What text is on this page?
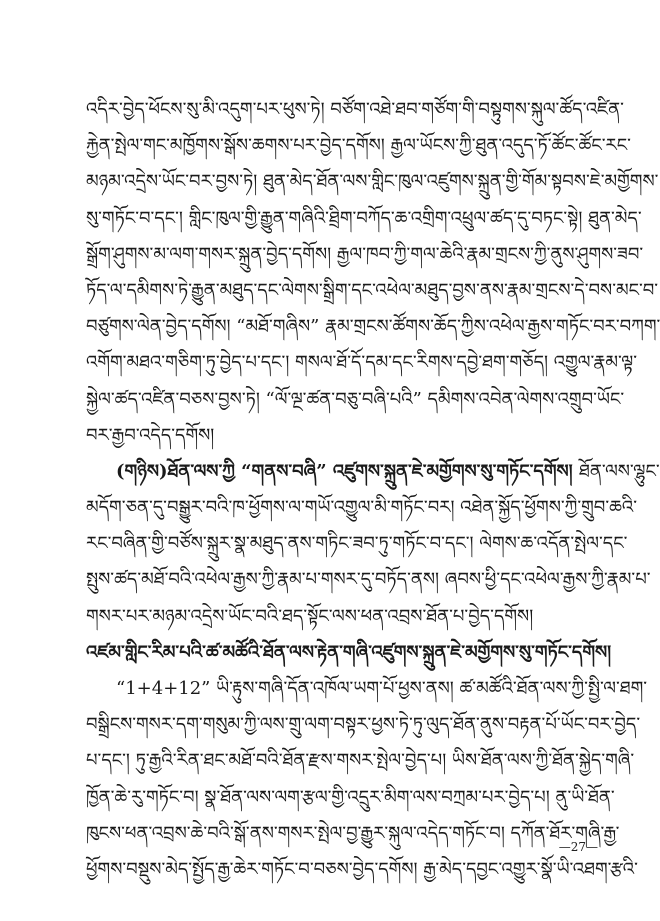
འདིར་བྱེད་ཕོངས་སུ་མི་འདུག་པར་ཕུས་ཏེ། བཙོག་འཐེ་ཐབ་གཙོག་གི་བསྟུགས་སྐུལ་ཚོད་འཛིན་
རྐྱེན་སྤེལ་གང་མཁྱོགས་སྒོས་ཆགས་པར་བྱེད་དགོས། རྒྱལ་ཡོངས་ཀྱི་ཐུན་འདུད་ཏོ་ཚོང་ཚོང་རང་
མཉམ་འདྲེས་ཡོང་བར་བྱས་ཏེ། ཐུན་མེད་ཐོན་ལས་གླིང་ཁུལ་འཛུགས་སྐྲུན་གྱི་གོམ་སྟབས་ཇེ་མགྱོགས་
སུ་གཏོང་བ་དང་། གླིང་ཁུལ་གྱི་རྒྱུན་གཞིའི་ཐྲིག་བཀོད་ཆ་འགྲིག་འཕྲུལ་ཚད་དུ་བཏང་སྟེ། ཐུན་མེད་
སྒྲོག་ཤུགས་མ་ལག་གསར་སྐྲུན་བྱེད་དགོས། རྒྱལ་ཁབ་ཀྱི་གལ་ཆེའི་རྣམ་གྲངས་ཀྱི་ནུས་ཤུགས་ཟབ་
ཏོད་ལ་དམིགས་ཏེ་རྒྱུན་མཐུད་དང་ལེགས་སྒྲིག་དང་འཕེལ་མཐུད་བྱས་ནས་རྣམ་གྲངས་དེ་བས་མང་བ་
བཙུགས་ལེན་བྱེད་དགོས། “མཐོ་གཞིས” རྣམ་གྲངས་ཚོགས་ཆོད་ཀྱིས་འཕེལ་རྒྱས་གཏོང་བར་བཀག་
འགོག་མཐའ་གཅིག་ཏུ་བྱེད་པ་དང་། གསལ་ཐོ་དོ་དམ་དང་རིགས་དབྱེ་ཐག་གཅོད། འགྱུལ་རྣམ་ལྟ་
སྐྱེལ་ཚད་འཛིན་བཅས་བྱས་ཏེ། “ལོ་ལྔ་ཚན་བཅུ་བཞི་པའི” དམིགས་འབེན་ལེགས་འགྲུབ་ཡོང་
བར་རྒྱབ་འདེད་དགོས།
(གཉིས)ཐོན་ལས་ཀྱི “གནས་བཞི” འཛུགས་སྐྲུན་ཇེ་མགྱོགས་སུ་གཏོང་དགོས། ཐོན་ལས་ལྷུང་
མདོག་ཅན་དུ་བསྒྱུར་བའི་ཁ་ཕྱོགས་ལ་གཡོ་འགྱུལ་མི་གཏོང་བར། འཐེན་སྐྱོད་ཕྱོགས་ཀྱི་གྲུབ་ཆའི་
རང་བཞིན་གྱི་བཙོས་སྐྲུར་སྣ་མཐུད་ནས་གཏིང་ཟབ་ཏུ་གཏོང་བ་དང་། ལེགས་ཆ་འདོན་སྤེལ་དང་
སྤུས་ཚད་མཐོ་བའི་འཕེལ་རྒྱས་ཀྱི་རྣམ་པ་གསར་དུ་བཏོད་ནས། ཞབས་ཕྱི་དང་འཕེལ་རྒྱས་ཀྱི་རྣམ་པ་
གསར་པར་མཉམ་འདྲེས་ཡོང་བའི་ཐད་སྟོང་ལས་ཕན་འབྲས་ཐོན་པ་བྱེད་དགོས།
འཛམ་གླིང་རིམ་པའི་ཚ་མཚོའི་ཐོན་ལས་རྟེན་གཞི་འཛུགས་སྐྲུན་ཇེ་མགྱོགས་སུ་གཏོང་དགོས།
“1+4+12” ཡི་རྟུས་གཞི་དོན་འཁོལ་ཡག་པོ་ཕྱས་ནས། ཚ་མཚོའི་ཐོན་ལས་ཀྱི་སྤྱི་ལ་ཐག་
བསྒྲིངས་གསར་དག་གསུམ་ཀྱི་ལས་གྲུ་ལག་བསྟར་ཕྱས་ཏེ་ཏུ་ལུད་ཐོན་ནུས་བརྟན་པོ་ཡོང་བར་བྱེད་
པ་དང་། ཏུ་རྒྱའི་རིན་ཐང་མཐོ་བའི་ཐོན་རྫས་གསར་སྤེལ་བྱེད་པ། ཡིས་ཐོན་ལས་ཀྱི་ཐོན་སྐྱེད་གཞི་
ཁྱོན་ཆེ་རུ་གཏོང་བ། སྣ་ཐོན་ལས་ལག་རྩལ་གྱི་འདྲུར་མིག་ལས་བཀྲམ་པར་བྱེད་པ། ནུ་ཡི་ཐོན་
ཁུངས་ཕན་འབྲས་ཆེ་བའི་སྒོ་ནས་གསར་སྤེལ་བྱ་རྒྱུར་སྐུལ་འདེད་གཏོང་བ། དཀོན་ཐོར་གཞི་རྒྱ་
ཕྱོགས་བསྡུས་མེད་སྤྱོད་རྒྱ་ཆེར་གཏོང་བ་བཅས་བྱེད་དགོས། རྒྱ་མེད་དབྱང་འགྱུར་སྣོ་ཡི་འཐག་རྩའི་
—27—
